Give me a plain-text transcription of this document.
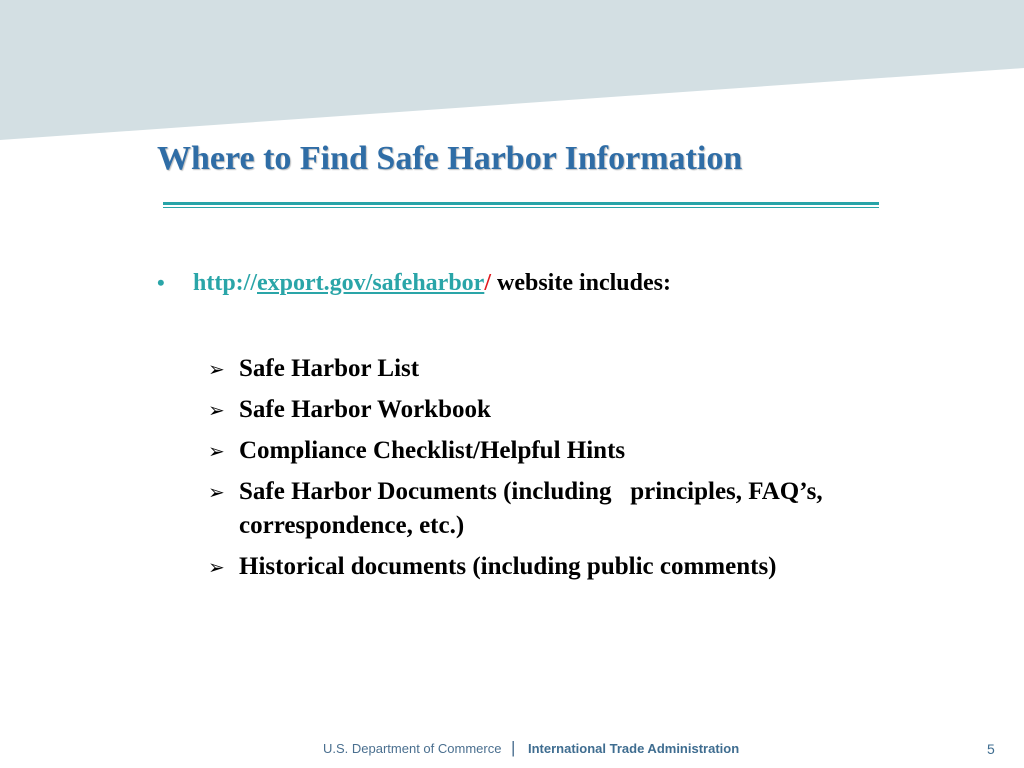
Where to Find Safe Harbor Information
• http://export.gov/safeharbor/ website includes:
➢ Safe Harbor List
➢ Safe Harbor Workbook
➢ Compliance Checklist/Helpful Hints
➢ Safe Harbor Documents (including   principles, FAQ’s, correspondence, etc.)
➢ Historical documents (including public comments)
U.S. Department of Commerce | International Trade Administration	5
